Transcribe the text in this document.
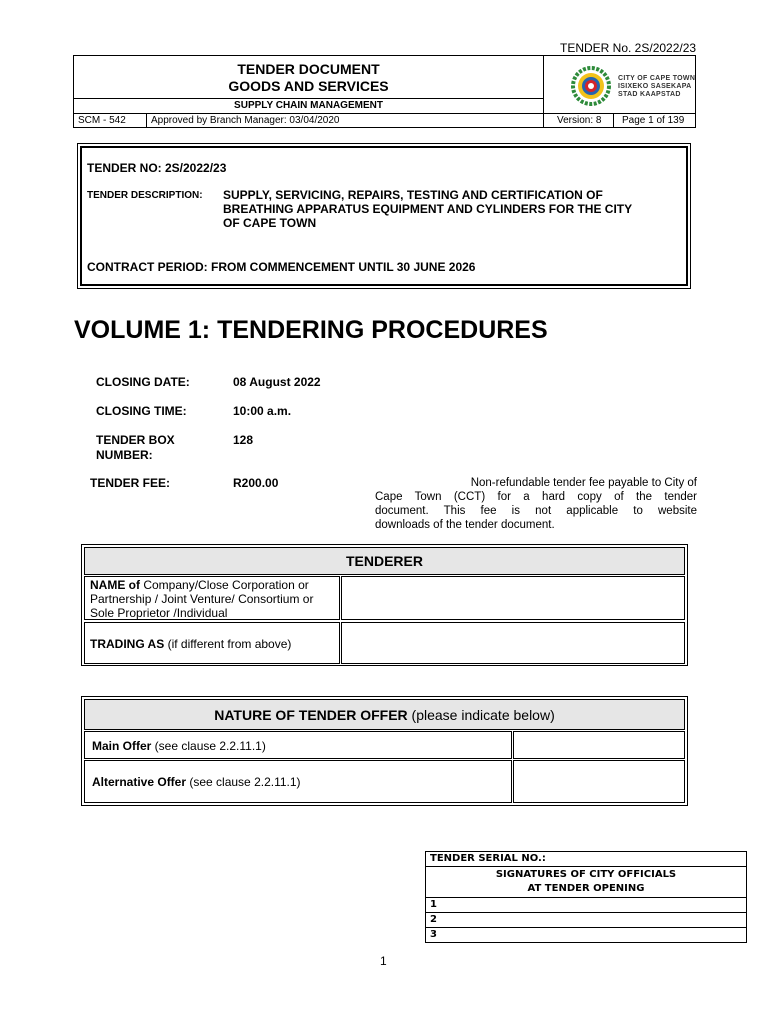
TENDER No. 2S/2022/23
TENDER DOCUMENT
GOODS AND SERVICES
SUPPLY CHAIN MANAGEMENT
SCM - 542	Approved by Branch Manager: 03/04/2020	Version: 8 Page 1 of 139
CITY OF CAPE TOWN
ISIXEKO SASEKAPA
STAD KAAPSTAD
TENDER NO: 2S/2022/23
TENDER DESCRIPTION: SUPPLY, SERVICING, REPAIRS, TESTING AND CERTIFICATION OF
BREATHING APPARATUS EQUIPMENT AND CYLINDERS FOR THE CITY
OF CAPE TOWN
CONTRACT PERIOD: FROM COMMENCEMENT UNTIL 30 JUNE 2026
VOLUME 1: TENDERING PROCEDURES
CLOSING DATE:	08 August 2022
CLOSING TIME:	10:00 a.m.
TENDER BOX
NUMBER:
128
TENDER FEE:	R200.00	Non-refundable tender fee payable to City of
Cape Town (CCT) for a hard copy of the tender
document. This fee is not applicable to website
downloads of the tender document.
TENDERER
NAME of Company/Close Corporation or
Partnership / Joint Venture/ Consortium or
Sole Proprietor /Individual
TRADING AS (if different from above)
NATURE OF TENDER OFFER (please indicate below)
Main Offer (see clause 2.2.11.1)
Alternative Offer (see clause 2.2.11.1)
TENDER SERIAL NO.:

SIGNATURES OF CITY OFFICIALS
AT TENDER OPENING

1
2
3
1
